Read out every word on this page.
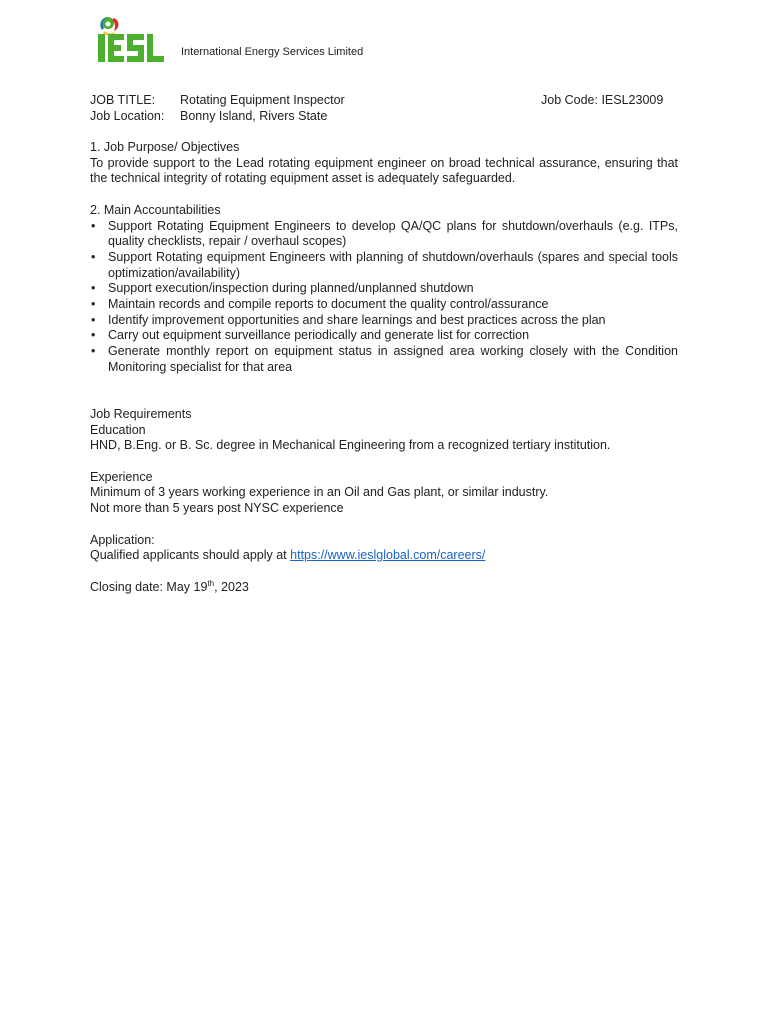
International Energy Services Limited
JOB TITLE: Rotating Equipment Inspector	Job Code: IESL23009
Job Location: Bonny Island, Rivers State

1. Job Purpose/ Objectives

To provide support to the Lead rotating equipment engineer on broad technical assurance, ensuring that the technical integrity of rotating equipment asset is adequately safeguarded.

2. Main Accountabilities

• Support Rotating Equipment Engineers to develop QA/QC plans for shutdown/overhauls (e.g. ITPs, quality checklists, repair / overhaul scopes)
• Support Rotating equipment Engineers with planning of shutdown/overhauls (spares and special tools optimization/availability)
• Support execution/inspection during planned/unplanned shutdown
• Maintain records and compile reports to document the quality control/assurance
• Identify improvement opportunities and share learnings and best practices across the plan
• Carry out equipment surveillance periodically and generate list for correction
• Generate monthly report on equipment status in assigned area working closely with the Condition Monitoring specialist for that area

Job Requirements

Education

HND, B.Eng. or B. Sc. degree in Mechanical Engineering from a recognized tertiary institution.

Experience

Minimum of 3 years working experience in an Oil and Gas plant, or similar industry.

Not more than 5 years post NYSC experience

Application:

Qualified applicants should apply at https://www.ieslglobal.com/careers/

Closing date: May 19th, 2023
